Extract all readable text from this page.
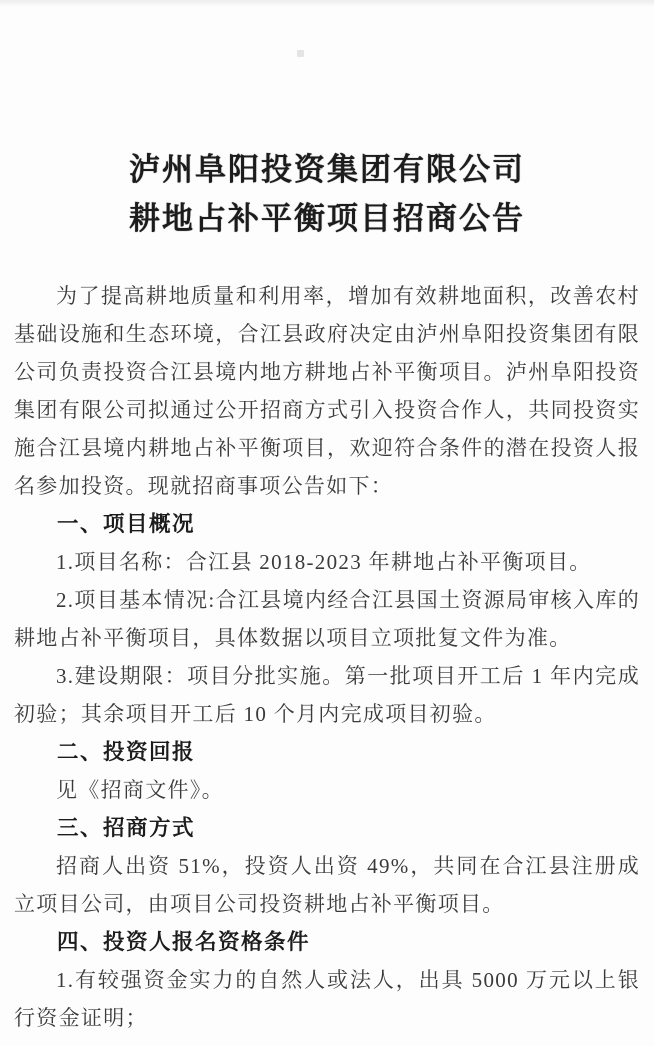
泸州阜阳投资集团有限公司
耕地占补平衡项目招商公告

为了提高耕地质量和利用率，增加有效耕地面积，改善农村基础设施和生态环境，合江县政府决定由泸州阜阳投资集团有限公司负责投资合江县境内地方耕地占补平衡项目。泸州阜阳投资集团有限公司拟通过公开招商方式引入投资合作人，共同投资实施合江县境内耕地占补平衡项目，欢迎符合条件的潜在投资人报名参加投资。现就招商事项公告如下：

一、项目概况

1.项目名称：合江县 2018-2023 年耕地占补平衡项目。

2.项目基本情况:合江县境内经合江县国土资源局审核入库的耕地占补平衡项目，具体数据以项目立项批复文件为准。

3.建设期限：项目分批实施。第一批项目开工后 1 年内完成初验；其余项目开工后 10 个月内完成项目初验。

二、投资回报

见《招商文件》。

三、招商方式

招商人出资 51%，投资人出资 49%，共同在合江县注册成立项目公司，由项目公司投资耕地占补平衡项目。

四、投资人报名资格条件

1.有较强资金实力的自然人或法人，出具 5000 万元以上银行资金证明；
